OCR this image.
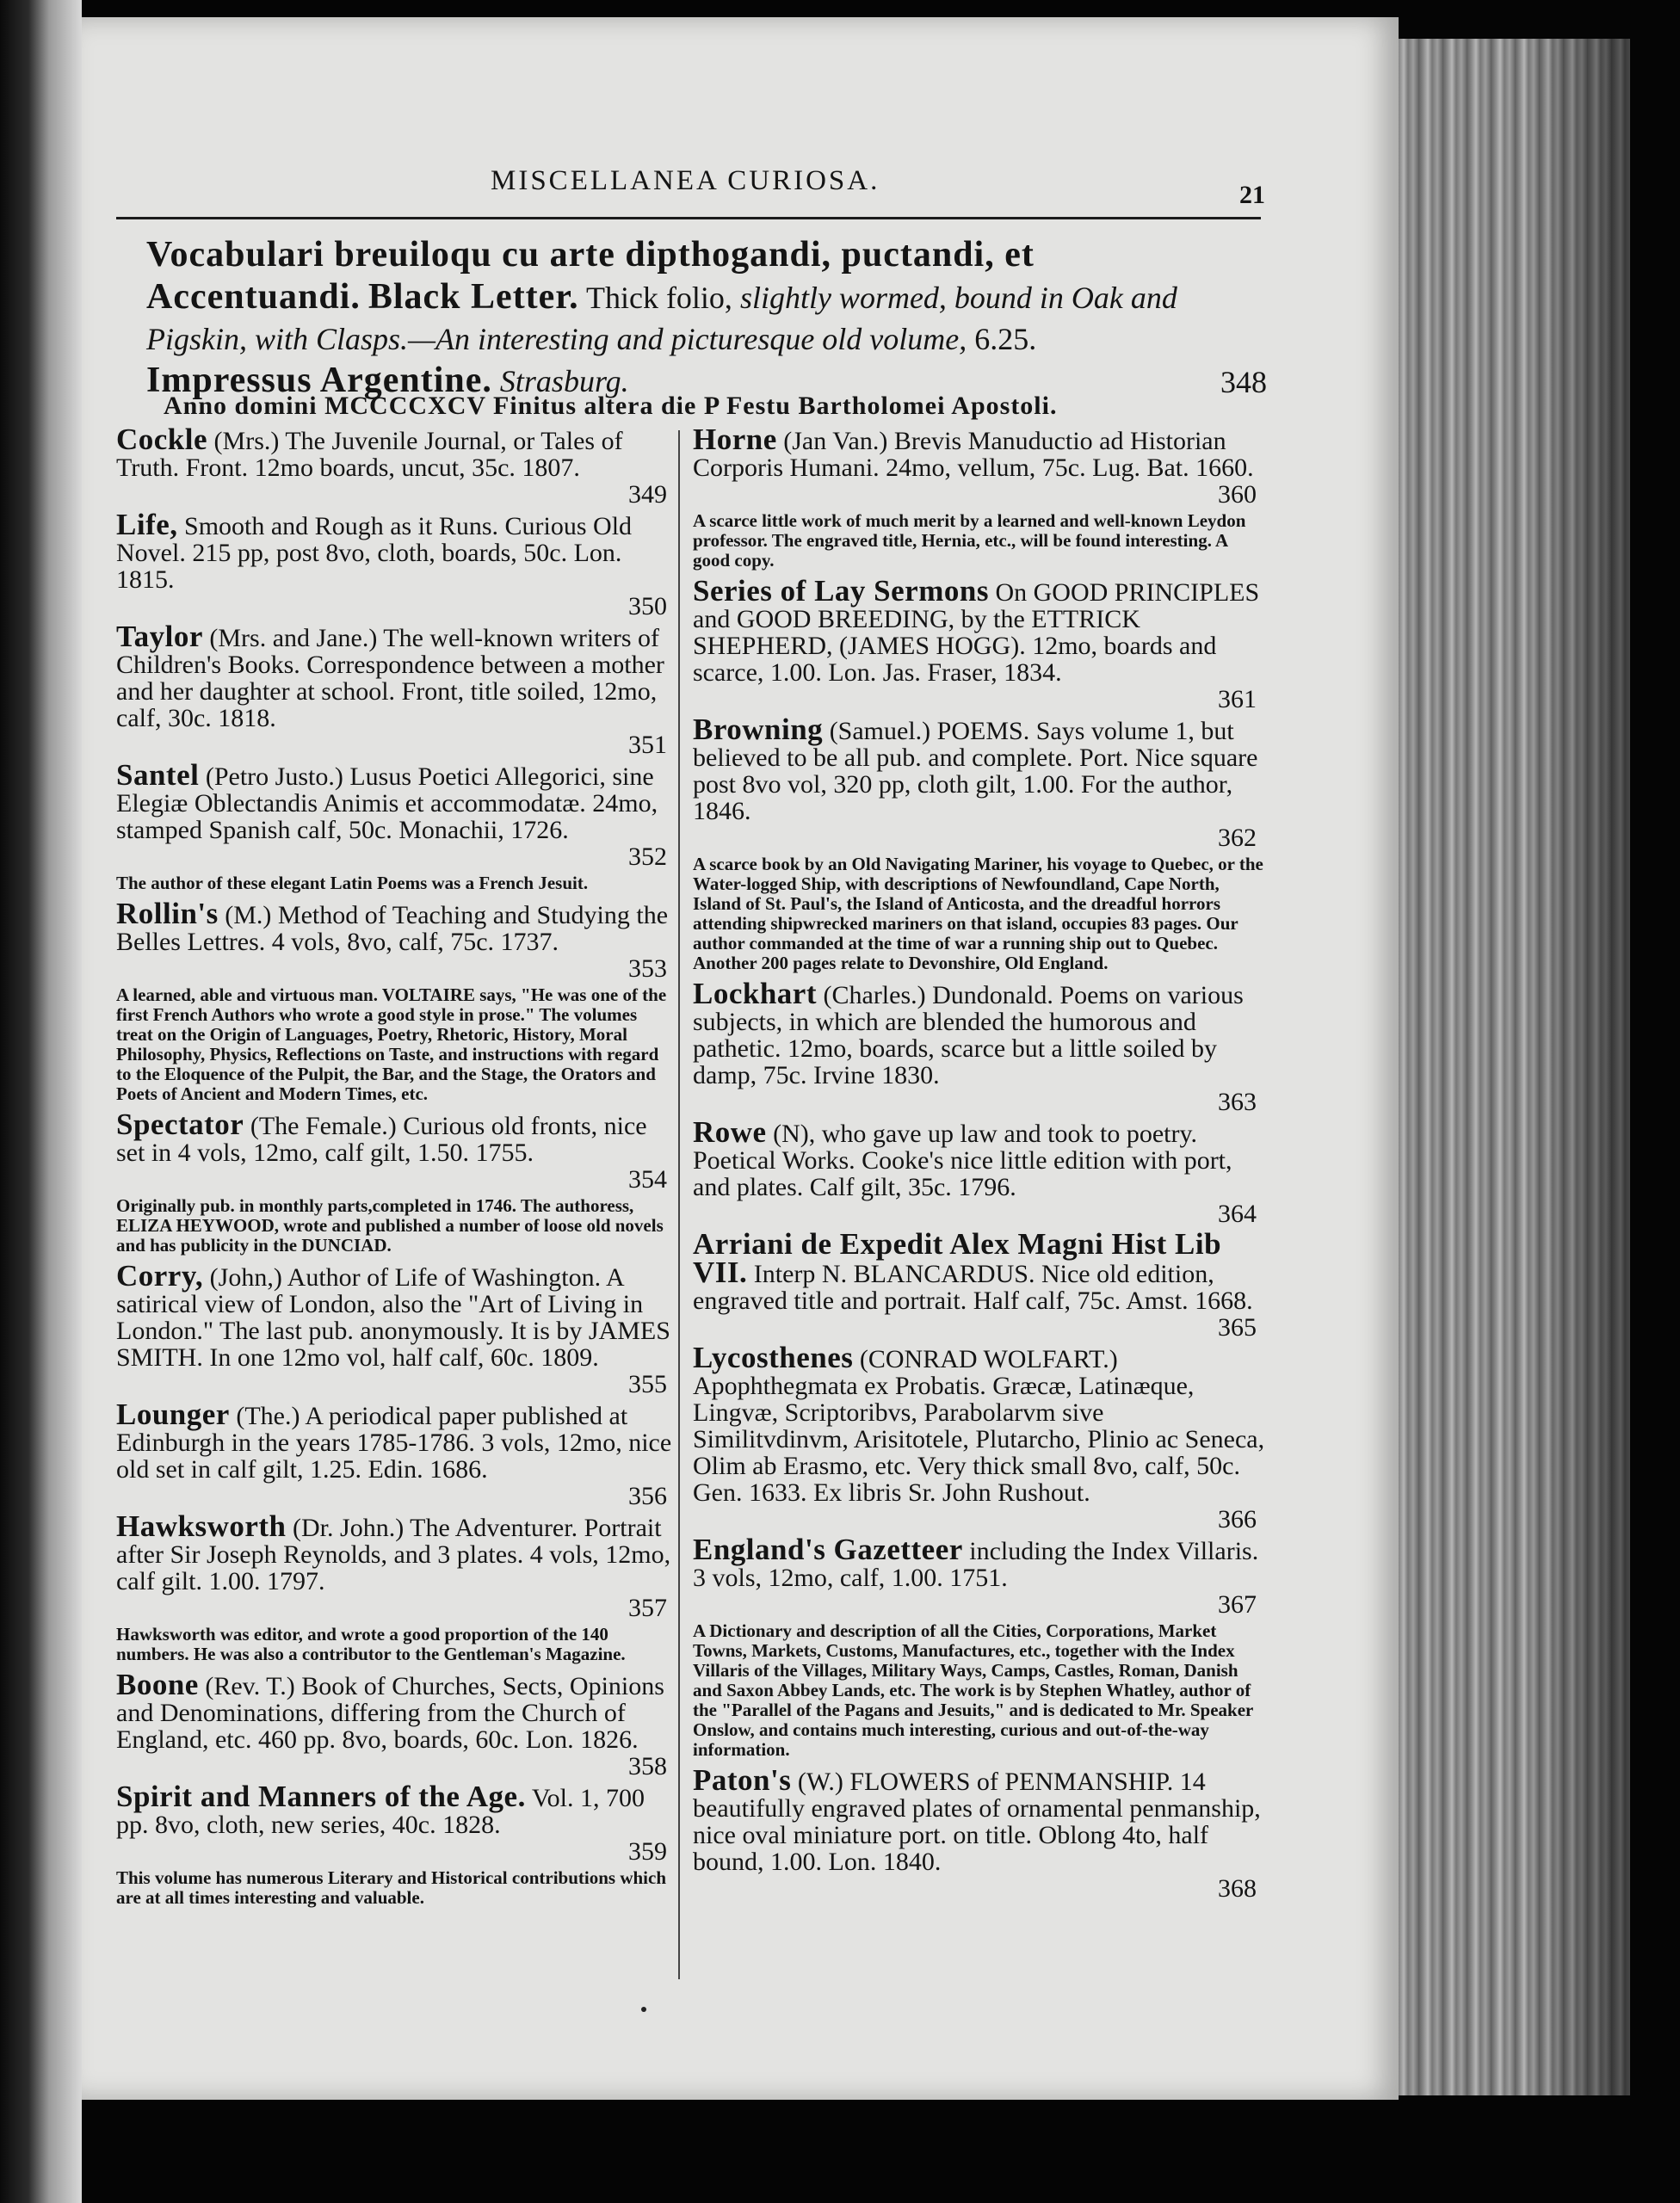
MISCELLANEA CURIOSA.	21
Vocabulari breuiloqu cu arte dipthogandi, puctandi, et
Accentuandi. Black Letter. Thick folio, slightly wormed, bound in Oak and Pigskin, with Clasps.—An interesting and picturesque old volume, 6.25.
Impressus Argentine. Strasburg.	348
Anno domini MCCCCXCV Finitus altera die P Festu Bartholomei Apostoli.
Cockle (Mrs.) The Juvenile Journal, or Tales of Truth. Front. 12mo boards, uncut, 35c. 1807.
349
Life, Smooth and Rough as it Runs. Curious Old Novel. 215 pp, post 8vo, cloth, boards, 50c. Lon. 1815.
350
Taylor (Mrs. and Jane.) The well-known writers of Children's Books. Correspondence between a mother and her daughter at school. Front, title soiled, 12mo, calf, 30c. 1818.
351
Santel (Petro Justo.) Lusus Poetici Allegorici, sine Elegiæ Oblectandis Animis et accommodatæ. 24mo, stamped Spanish calf, 50c. Monachii, 1726.
352
The author of these elegant Latin Poems was a French Jesuit.
Rollin's (M.) Method of Teaching and Studying the Belles Lettres. 4 vols, 8vo, calf, 75c. 1737.
353
A learned, able and virtuous man. VOLTAIRE says, "He was one of the first French Authors who wrote a good style in prose." The volumes treat on the Origin of Languages, Poetry, Rhetoric, History, Moral Philosophy, Physics, Reflections on Taste, and instructions with regard to the Eloquence of the Pulpit, the Bar, and the Stage, the Orators and Poets of Ancient and Modern Times, etc.
Spectator (The Female.) Curious old fronts, nice set in 4 vols, 12mo, calf gilt, 1.50. 1755.
354
Originally pub. in monthly parts,completed in 1746. The authoress, ELIZA HEYWOOD, wrote and published a number of loose old novels and has publicity in the DUNCIAD.
Corry, (John,) Author of Life of Washington. A satirical view of London, also the "Art of Living in London." The last pub. anonymously. It is by JAMES SMITH. In one 12mo vol, half calf, 60c. 1809.
355
Lounger (The.) A periodical paper published at Edinburgh in the years 1785-1786. 3 vols, 12mo, nice old set in calf gilt, 1.25. Edin. 1686.
356
Hawksworth (Dr. John.) The Adventurer. Portrait after Sir Joseph Reynolds, and 3 plates. 4 vols, 12mo, calf gilt. 1.00. 1797.
357
Hawksworth was editor, and wrote a good proportion of the 140 numbers. He was also a contributor to the Gentleman's Magazine.
Boone (Rev. T.) Book of Churches, Sects, Opinions and Denominations, differing from the Church of England, etc. 460 pp. 8vo, boards, 60c. Lon. 1826.
358
Spirit and Manners of the Age. Vol. 1, 700 pp. 8vo, cloth, new series, 40c. 1828.
359
This volume has numerous Literary and Historical contributions which are at all times interesting and valuable.
Horne (Jan Van.) Brevis Manuductio ad Historian Corporis Humani. 24mo, vellum, 75c. Lug. Bat. 1660.
360
A scarce little work of much merit by a learned and well-known Leydon professor. The engraved title, Hernia, etc., will be found interesting. A good copy.
Series of Lay Sermons On GOOD PRINCIPLES and GOOD BREEDING, by the ETTRICK SHEPHERD, (JAMES HOGG). 12mo, boards and scarce, 1.00. Lon. Jas. Fraser, 1834.
361
Browning (Samuel.) POEMS. Says volume 1, but believed to be all pub. and complete. Port. Nice square post 8vo vol, 320 pp, cloth gilt, 1.00. For the author, 1846.
362
A scarce book by an Old Navigating Mariner, his voyage to Quebec, or the Water-logged Ship, with descriptions of Newfoundland, Cape North, Island of St. Paul's, the Island of Anticosta, and the dreadful horrors attending shipwrecked mariners on that island, occupies 83 pages. Our author commanded at the time of war a running ship out to Quebec. Another 200 pages relate to Devonshire, Old England.
Lockhart (Charles.) Dundonald. Poems on various subjects, in which are blended the humorous and pathetic. 12mo, boards, scarce but a little soiled by damp, 75c. Irvine 1830.
363
Rowe (N), who gave up law and took to poetry. Poetical Works. Cooke's nice little edition with port, and plates. Calf gilt, 35c. 1796.
364
Arriani de Expedit Alex Magni Hist Lib VII. Interp N. BLANCARDUS. Nice old edition, engraved title and portrait. Half calf, 75c. Amst. 1668.
365
Lycosthenes (CONRAD WOLFART.) Apophthegmata ex Probatis. Græcæ, Latinæque, Lingvæ, Scriptoribvs, Parabolarvm sive Similitvdinvm, Arisitotele, Plutarcho, Plinio ac Seneca, Olim ab Erasmo, etc. Very thick small 8vo, calf, 50c. Gen. 1633. Ex libris Sr. John Rushout.
366
England's Gazetteer including the Index Villaris. 3 vols, 12mo, calf, 1.00. 1751.
367
A Dictionary and description of all the Cities, Corporations, Market Towns, Markets, Customs, Manufactures, etc., together with the Index Villaris of the Villages, Military Ways, Camps, Castles, Roman, Danish and Saxon Abbey Lands, etc. The work is by Stephen Whatley, author of the "Parallel of the Pagans and Jesuits," and is dedicated to Mr. Speaker Onslow, and contains much interesting, curious and out-of-the-way information.
Paton's (W.) FLOWERS of PENMANSHIP. 14 beautifully engraved plates of ornamental penmanship, nice oval miniature port. on title. Oblong 4to, half bound, 1.00. Lon. 1840.
368
